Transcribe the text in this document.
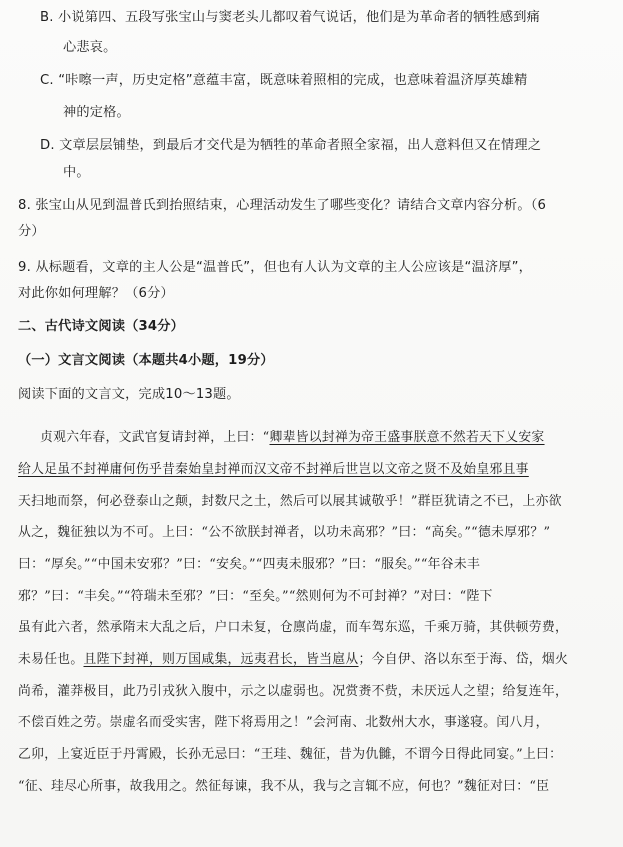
B. 小说第四、五段写张宝山与窦老头儿都叹着气说话，他们是为革命者的牺牲感到痛
心悲哀。
C. “咔嚓一声，历史定格”意蕴丰富，既意味着照相的完成，也意味着温济厚英雄精
神的定格。
D. 文章层层铺垫，到最后才交代是为牺牲的革命者照全家福，出人意料但又在情理之
中。
8. 张宝山从见到温普氏到抬照结束，心理活动发生了哪些变化？请结合文章内容分析。（6
分）
9. 从标题看，文章的主人公是“温普氏”，但也有人认为文章的主人公应该是“温济厚”，
对此你如何理解？（6分）
二、古代诗文阅读（34分）
（一）文言文阅读（本题共4小题，19分）
阅读下面的文言文，完成10～13题。
贞观六年春，文武官复请封禅，上曰：“卿辈皆以封禅为帝王盛事朕意不然若天下乂安家
给人足虽不封禅庸何伤乎昔秦始皇封禅而汉文帝不封禅后世岂以文帝之贤不及始皇邪且事
天扫地而祭，何必登泰山之颠，封数尺之土，然后可以展其诚敬乎！”群臣犹请之不已，上亦欲
从之，魏征独以为不可。上曰：“公不欲朕封禅者，以功未高邪？”曰：“高矣。”“德未厚邪？”
曰：“厚矣。”“中国未安邪？”曰：“安矣。”“四夷未服邪？”曰：“服矣。”“年谷未丰
邪？”曰：“丰矣。”“符瑞未至邪？”曰：“至矣。”“然则何为不可封禅？”对曰：“陛下
虽有此六者，然承隋末大乱之后，户口未复，仓廪尚虚，而车驾东巡，千乘万骑，其供顿劳费，
未易任也。且陛下封禅，则万国咸集，远夷君长，皆当扈从；今自伊、洛以东至于海、岱，烟火
尚希，灌莽极目，此乃引戎狄入腹中，示之以虚弱也。况赏赉不赀，未厌远人之望；给复连年，
不偿百姓之劳。崇虚名而受实害，陛下将焉用之！”会河南、北数州大水，事遂寝。闰八月，
乙卯，上宴近臣于丹霄殿，长孙无忌曰：“王珪、魏征，昔为仇雠，不谓今日得此同宴。”上曰：
“征、珪尽心所事，故我用之。然征每谏，我不从，我与之言辄不应，何也？”魏征对曰：“臣
